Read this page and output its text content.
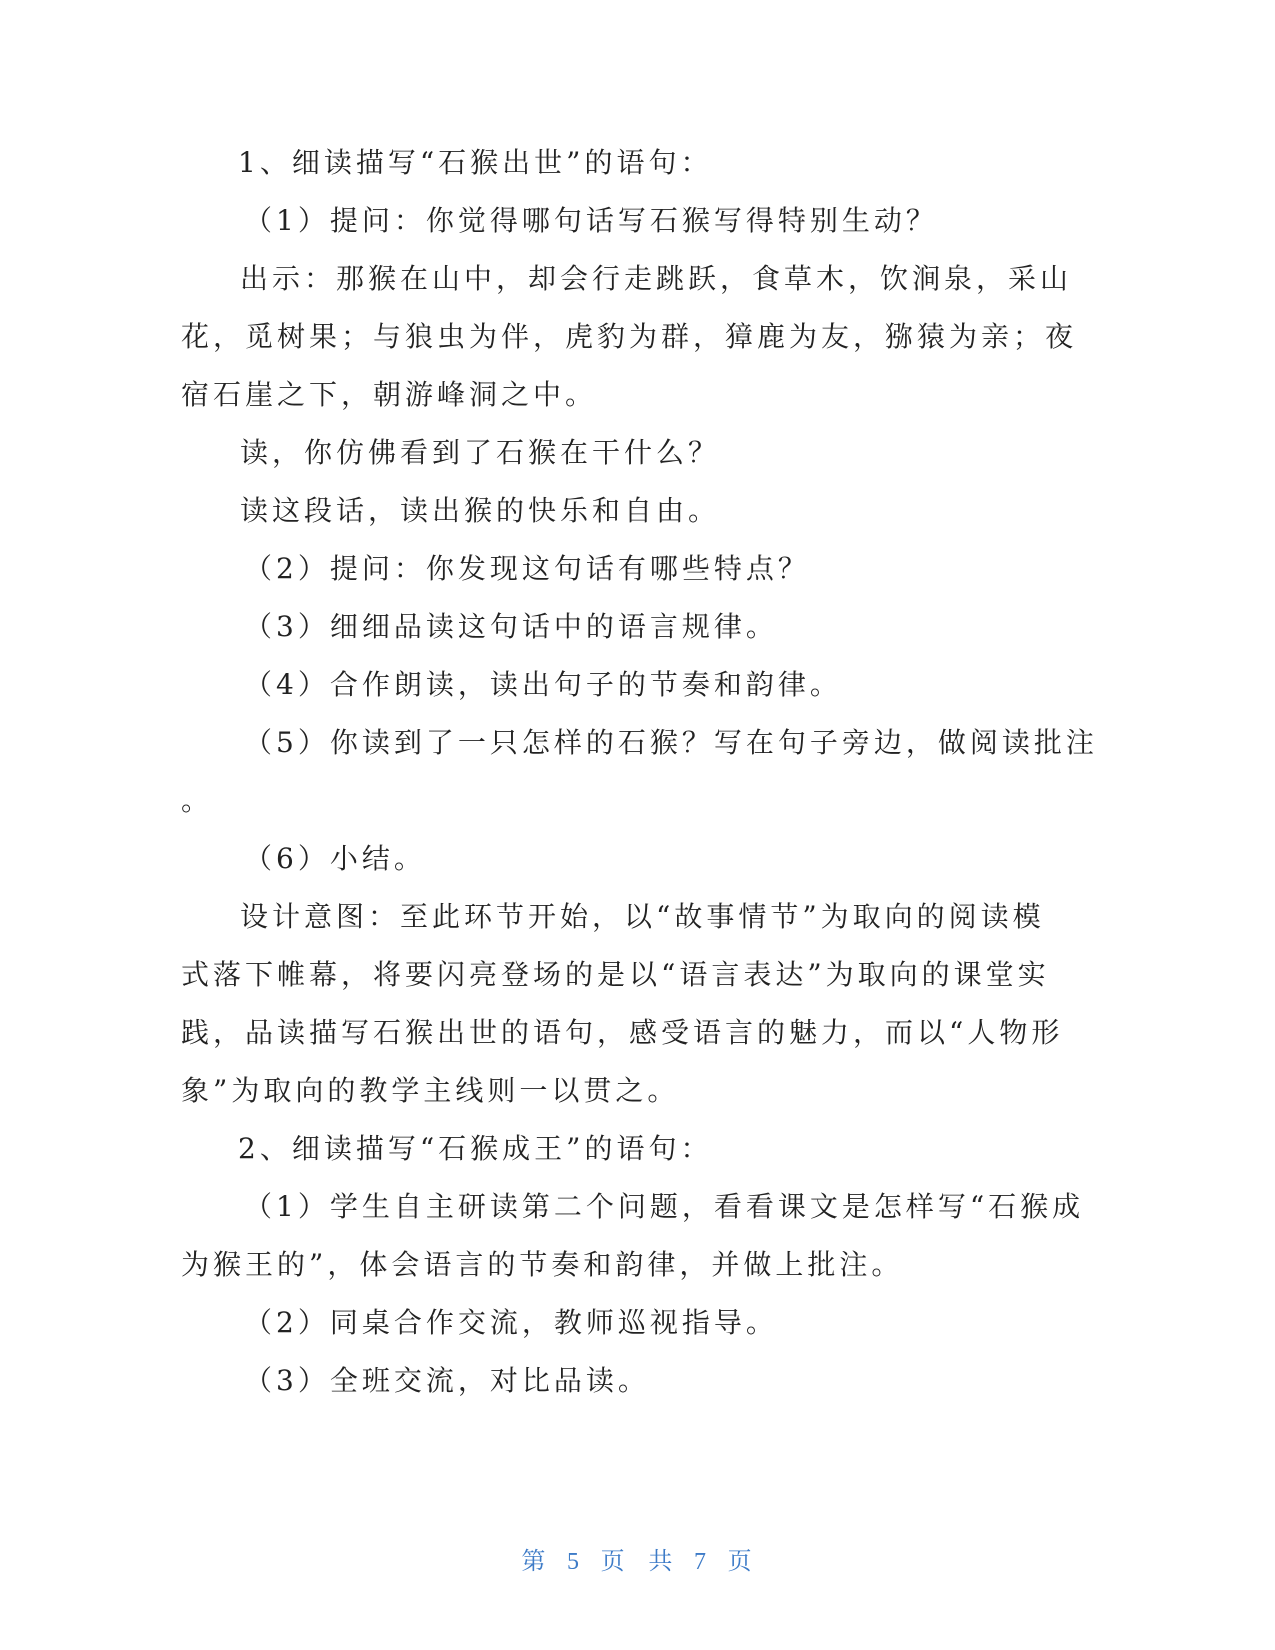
1、细读描写“石猴出世”的语句：
（1）提问：你觉得哪句话写石猴写得特别生动？
出示：那猴在山中，却会行走跳跃，食草木，饮涧泉，采山
花，觅树果；与狼虫为伴，虎豹为群，獐鹿为友，猕猿为亲；夜
宿石崖之下，朝游峰洞之中。
读，你仿佛看到了石猴在干什么？
读这段话，读出猴的快乐和自由。
（2）提问：你发现这句话有哪些特点？
（3）细细品读这句话中的语言规律。
（4）合作朗读，读出句子的节奏和韵律。
（5）你读到了一只怎样的石猴？写在句子旁边，做阅读批注
。
（6）小结。
设计意图：至此环节开始，以“故事情节”为取向的阅读模
式落下帷幕，将要闪亮登场的是以“语言表达”为取向的课堂实
践，品读描写石猴出世的语句，感受语言的魅力，而以“人物形
象”为取向的教学主线则一以贯之。
2、细读描写“石猴成王”的语句：
（1）学生自主研读第二个问题，看看课文是怎样写“石猴成
为猴王的”，体会语言的节奏和韵律，并做上批注。
（2）同桌合作交流，教师巡视指导。
（3）全班交流，对比品读。
第 5 页 共 7 页
